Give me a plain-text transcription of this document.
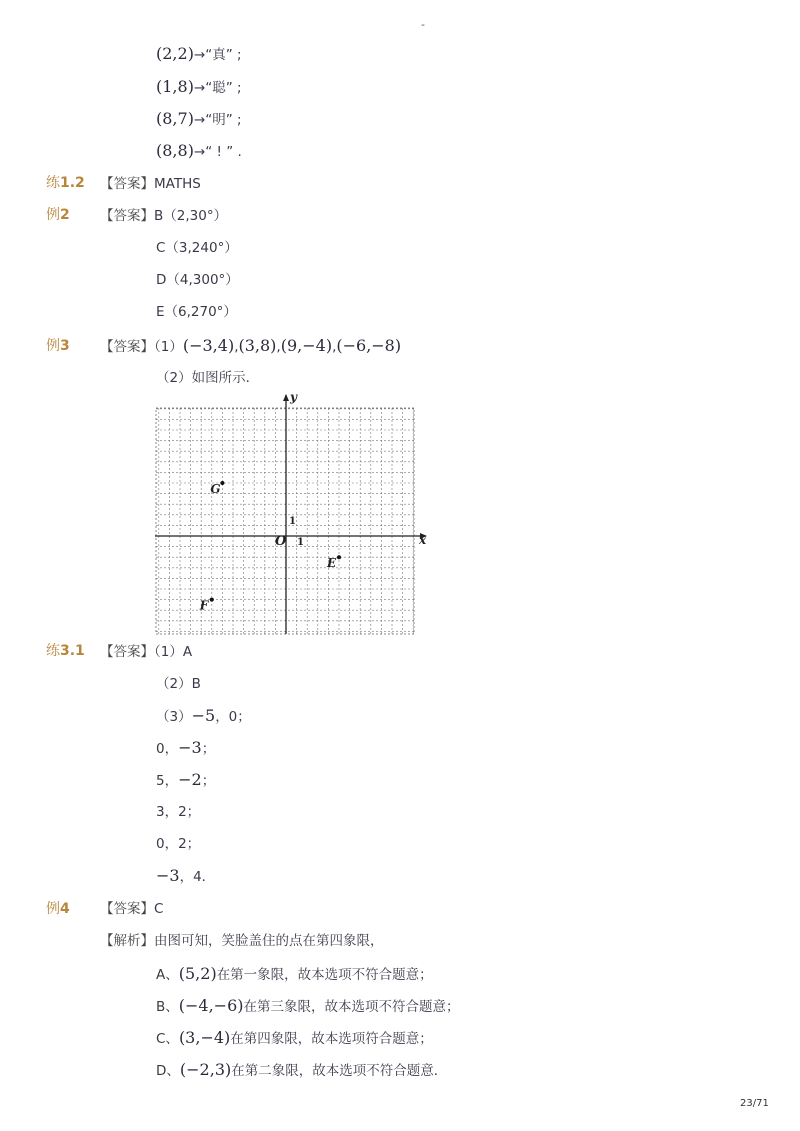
-
(2,2)→“真” ;
(1,8)→“聪” ;
(8,7)→“明” ;
(8,8)→“ ! ” .
练1.2 【答案】MATHS
例2 【答案】B（2,30°）
C（3,240°）
D（4,300°）
E（6,270°）
例3 【答案】（1）(−3,4),(3,8),(9,−4),(−6,−8)
（2）如图所示．
x
y
O 1
1
G
E
F
练3.1 【答案】（1）A
（2）B
（3）−5，0；
0，−3；
5，−2；
3，2；
0，2；
−3，4．
例4 【答案】C
【解析】由图可知，笑脸盖住的点在第四象限，
A、(5,2)在第一象限，故本选项不符合题意；
B、(−4,−6)在第三象限，故本选项不符合题意；
C、(3,−4)在第四象限，故本选项符合题意；
D、(−2,3)在第二象限，故本选项不符合题意．
23/71
